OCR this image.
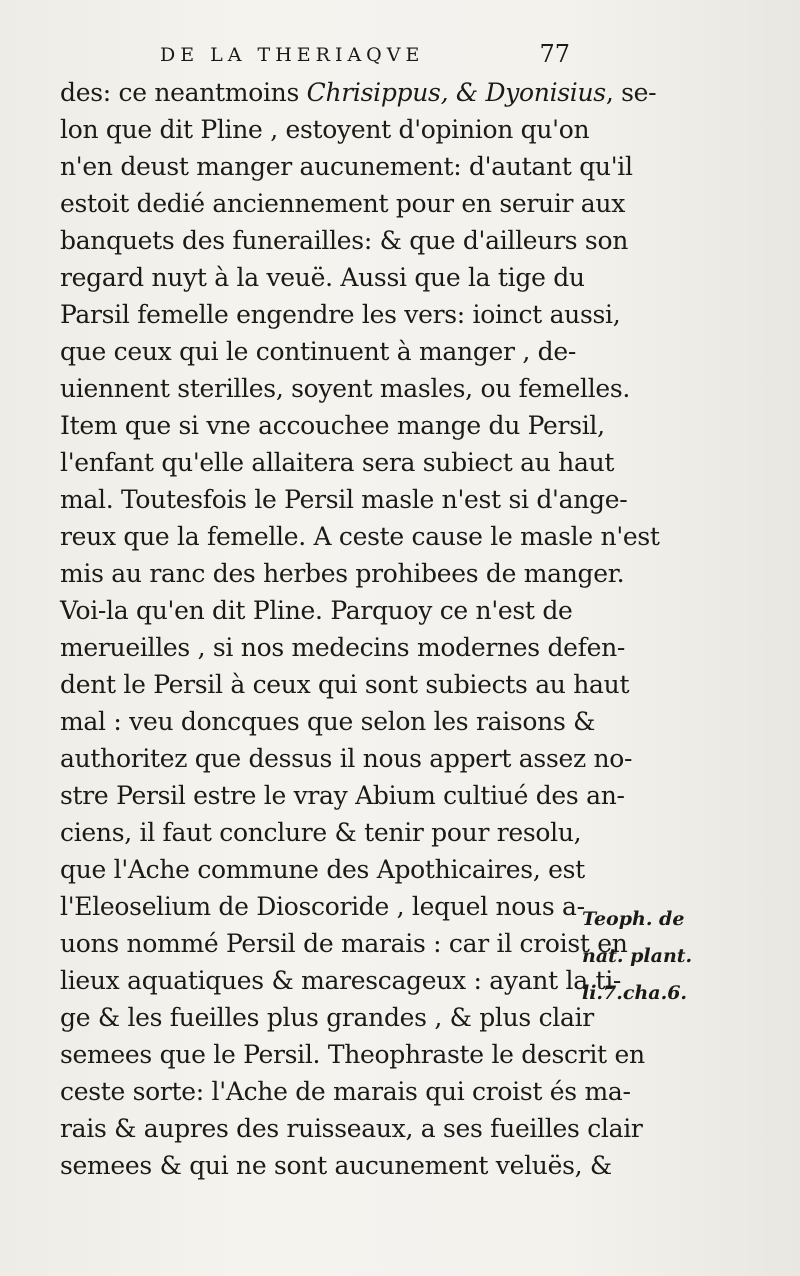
DE LA THERIAQVE	77
des: ce neantmoins Chrisippus, & Dyonisius, se-
lon que dit Pline , estoyent d'opinion qu'on
n'en deust manger aucunement: d'autant qu'il
estoit dedié anciennement pour en seruir aux
banquets des funerailles: & que d'ailleurs son
regard nuyt à la veuë. Aussi que la tige du
Parsil femelle engendre les vers: ioinct aussi,
que ceux qui le continuent à manger , de-
uiennent sterilles, soyent masles, ou femelles.
Item que si vne accouchee mange du Persil,
l'enfant qu'elle allaitera sera subiect au haut
mal. Toutesfois le Persil masle n'est si d'ange-
reux que la femelle. A ceste cause le masle n'est
mis au ranc des herbes prohibees de manger.
Voi-la qu'en dit Pline. Parquoy ce n'est de
merueilles , si nos medecins modernes defen-
dent le Persil à ceux qui sont subiects au haut
mal : veu doncques que selon les raisons &
authoritez que dessus il nous appert assez no-
stre Persil estre le vray Abium cultiué des an-
ciens, il faut conclure & tenir pour resolu,
que l'Ache commune des Apothicaires, est
l'Eleoselium de Dioscoride , lequel nous a-
uons nommé Persil de marais : car il croist en
lieux aquatiques & marescageux : ayant la ti-
ge & les fueilles plus grandes , & plus clair
semees que le Persil. Theophraste le descrit en
ceste sorte: l'Ache de marais qui croist és ma-
rais & aupres des ruisseaux, a ses fueilles clair
semees & qui ne sont aucunement veluës, &
Teoph. de
nat. plant.
li.7.cha.6.
